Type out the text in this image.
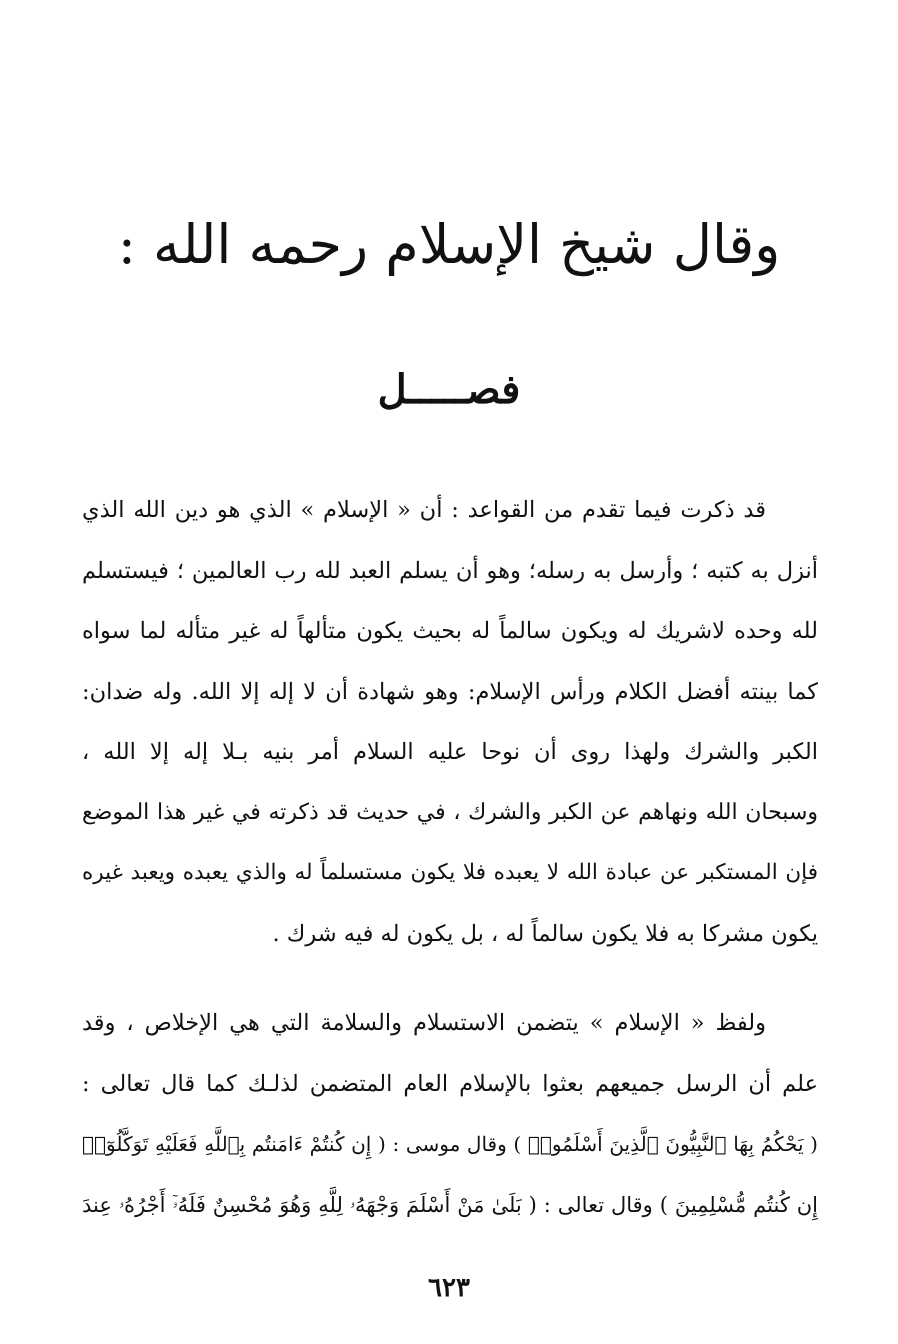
وقال شيخ الإسلام رحمه الله :
فصـــــل
قد ذكرت فيما تقدم من القواعد : أن « الإسلام » الذي هو دين الله الذي
أنزل به كتبه ؛ وأرسل به رسله؛ وهو أن يسلم العبد لله رب العالمين ؛ فيستسلم
لله وحده لاشريك له ويكون سالماً له بحيث يكون متألهاً له غير متأله لما سواه
كما بينته أفضل الكلام ورأس الإسلام: وهو شهادة أن لا إله إلا الله. وله ضدان:
الكبر والشرك ولهذا روى أن نوحا عليه السلام أمر بنيه بـلا إله إلا الله ،
وسبحان الله ونهاهم عن الكبر والشرك ، في حديث قد ذكرته في غير هذا الموضع
فإن المستكبر عن عبادة الله لا يعبده فلا يكون مستسلماً له والذي يعبده ويعبد غيره
يكون مشركا به فلا يكون سالماً له ، بل يكون له فيه شرك .
ولفظ « الإسلام » يتضمن الاستسلام والسلامة التي هي الإخلاص ، وقد
علم أن الرسل جميعهم بعثوا بالإسلام العام المتضمن لذلـك كما قال تعالى :
( يَحْكُمُ بِهَا ٱلنَّبِيُّونَ ٱلَّذِينَ أَسْلَمُوا۟ ) وقال موسى : ( إِن كُنتُمْ ءَامَنتُم بِٱللَّهِ فَعَلَيْهِ تَوَكَّلُوٓا۟
إِن كُنتُم مُّسْلِمِينَ ) وقال تعالى : ( بَلَىٰ مَنْ أَسْلَمَ وَجْهَهُۥ لِلَّهِ وَهُوَ مُحْسِنٌ فَلَهُۥٓ أَجْرُهُۥ عِندَ
٦٢٣
